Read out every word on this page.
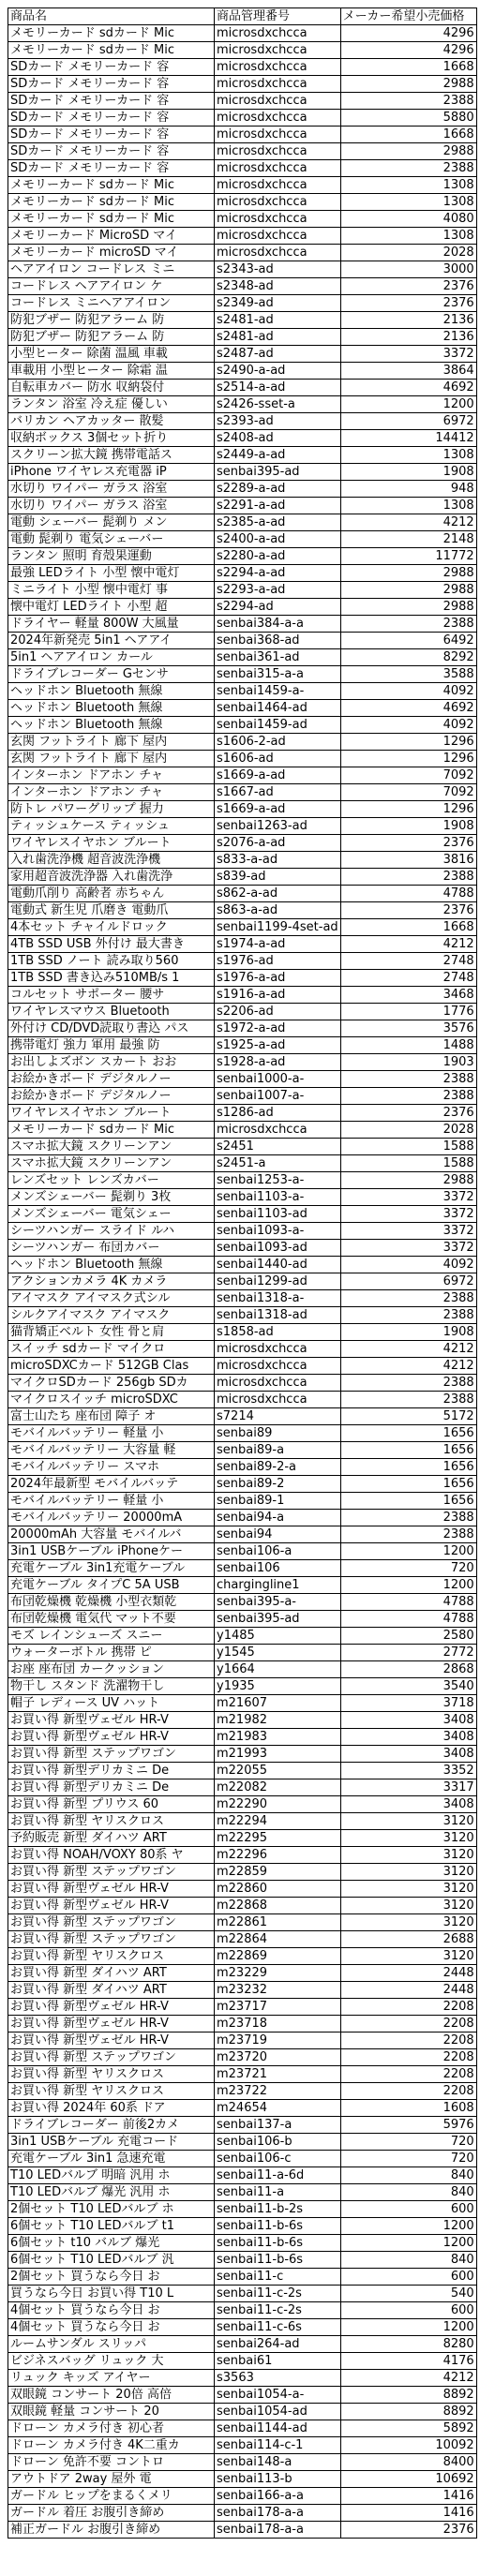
商品名	商品管理番号	メーカー希望小売価格
メモリーカード sdカード Mic	microsdxchcca	4296
メモリーカード sdカード Mic	microsdxchcca	4296
SDカード メモリーカード 容	microsdxchcca	1668
SDカード メモリーカード 容	microsdxchcca	2988
SDカード メモリーカード 容	microsdxchcca	2388
SDカード メモリーカード 容	microsdxchcca	5880
SDカード メモリーカード 容	microsdxchcca	1668
SDカード メモリーカード 容	microsdxchcca	2988
SDカード メモリーカード 容	microsdxchcca	2388
メモリーカード sdカード Mic	microsdxchcca	1308
メモリーカード sdカード Mic	microsdxchcca	1308
メモリーカード sdカード Mic	microsdxchcca	4080
メモリーカード MicroSD マイ	microsdxchcca	1308
メモリーカード microSD マイ	microsdxchcca	2028
ヘアアイロン コードレス ミニ	s2343-ad	3000
コードレス ヘアアイロン ケ	s2348-ad	2376
コードレス ミニヘアアイロン	s2349-ad	2376
防犯ブザー 防犯アラーム 防	s2481-ad	2136
防犯ブザー 防犯アラーム 防	s2481-ad	2136
小型ヒーター 除菌 温風 車載	s2487-ad	3372
車載用 小型ヒーター 除霜 温	s2490-a-ad	3864
自転車カバー 防水 収納袋付	s2514-a-ad	4692
ランタン 浴室 冷え症 優しい	s2426-sset-a	1200
バリカン ヘアカッター 散髪	s2393-ad	6972
収納ボックス 3個セット折り	s2408-ad	14412
スクリーン拡大鏡 携帯電話ス	s2449-a-ad	1308
iPhone ワイヤレス充電器 iP	senbai395-ad	1908
水切り ワイパー ガラス 浴室	s2289-a-ad	948
水切り ワイパー ガラス 浴室	s2291-a-ad	1308
電動 シェーバー 髭剃り メン	s2385-a-ad	4212
電動 髭剃り 電気シェーバー	s2400-a-ad	2148
ランタン 照明 育殻果運動	s2280-a-ad	11772
最強 LEDライト 小型 懐中電灯	s2294-a-ad	2988
ミニライト 小型 懐中電灯 事	s2293-a-ad	2988
懐中電灯 LEDライト 小型 超	s2294-ad	2988
ドライヤー 軽量 800W 大風量	senbai384-a-a	2388
2024年新発売 5in1 ヘアアイ	senbai368-ad	6492
5in1 ヘアアイロン カール	senbai361-ad	8292
ドライブレコーダー Gセンサ	senbai315-a-a	3588
ヘッドホン Bluetooth 無線	senbai1459-a-	4092
ヘッドホン Bluetooth 無線	senbai1464-ad	4692
ヘッドホン Bluetooth 無線	senbai1459-ad	4092
玄関 フットライト 廊下 屋内	s1606-2-ad	1296
玄関 フットライト 廊下 屋内	s1606-ad	1296
インターホン ドアホン チャ	s1669-a-ad	7092
インターホン ドアホン チャ	s1667-ad	7092
防トレ パワーグリップ 握力	s1669-a-ad	1296
ティッシュケース ティッシュ	senbai1263-ad	1908
ワイヤレスイヤホン ブルート	s2076-a-ad	2376
入れ歯洗浄機 超音波洗浄機	s833-a-ad	3816
家用超音波洗浄器 入れ歯洗浄	s839-ad	2388
電動爪削り 高齢者 赤ちゃん	s862-a-ad	4788
電動式 新生児 爪磨き 電動爪	s863-a-ad	2376
4本セット チャイルドロック	senbai1199-4set-ad	1668
4TB SSD USB 外付け 最大書き	s1974-a-ad	4212
1TB SSD ノート 読み取り560	s1976-ad	2748
1TB SSD 書き込み510MB/s 1	s1976-a-ad	2748
コルセット サポーター 腰サ	s1916-a-ad	3468
ワイヤレスマウス Bluetooth	s2206-ad	1776
外付け CD/DVD読取り書込 パス	s1972-a-ad	3576
携帯電灯 強力 軍用 最強 防	s1925-a-ad	1488
お出しよズボン スカート おお	s1928-a-ad	1903
お絵かきボード デジタルノー	senbai1000-a-	2388
お絵かきボード デジタルノー	senbai1007-a-	2388
ワイヤレスイヤホン ブルート	s1286-ad	2376
メモリーカード sdカード Mic	microsdxchcca	2028
スマホ拡大鏡 スクリーンアン	s2451	1588
スマホ拡大鏡 スクリーンアン	s2451-a	1588
レンズセット レンズカバー	senbai1253-a-	2988
メンズシェーバー 髭剃り 3枚	senbai1103-a-	3372
メンズシェーバー 電気シェー	senbai1103-ad	3372
シーツハンガー スライド ルハ	senbai1093-a-	3372
シーツハンガー 布団カバー	senbai1093-ad	3372
ヘッドホン Bluetooth 無線	senbai1440-ad	4092
アクションカメラ 4K カメラ	senbai1299-ad	6972
アイマスク アイマスク式シル	senbai1318-a-	2388
シルクアイマスク アイマスク	senbai1318-ad	2388
猫背矯正ベルト 女性 骨と肩	s1858-ad	1908
スイッチ sdカード マイクロ	microsdxchcca	4212
microSDXCカード 512GB Clas	microsdxchcca	4212
マイクロSDカード 256gb SDカ	microsdxchcca	2388
マイクロスイッチ microSDXC	microsdxchcca	2388
富士山たち 座布団 障子 オ	s7214	5172
モバイルバッテリー 軽量 小	senbai89	1656
モバイルバッテリー 大容量 軽	senbai89-a	1656
モバイルバッテリー スマホ	senbai89-2-a	1656
2024年最新型 モバイルバッテ	senbai89-2	1656
モバイルバッテリー 軽量 小	senbai89-1	1656
モバイルバッテリー 20000mA	senbai94-a	2388
20000mAh 大容量 モバイルバ	senbai94	2388
3in1 USBケーブル iPhoneケー	senbai106-a	1200
充電ケーブル 3in1充電ケーブル	senbai106	720
充電ケーブル タイプC 5A USB	chargingline1	1200
布団乾燥機 乾燥機 小型衣類乾	senbai395-a-	4788
布団乾燥機 電気代 マット不要	senbai395-ad	4788
モズ レインシューズ スニー	y1485	2580
ウォーターボトル 携帯 ピ	y1545	2772
お座 座布団 カークッション	y1664	2868
物干し スタンド 洗濯物干し	y1935	3540
帽子 レディース UV ハット	m21607	3718
お買い得 新型ヴェゼル HR-V	m21982	3408
お買い得 新型ヴェゼル HR-V	m21983	3408
お買い得 新型 ステップワゴン	m21993	3408
お買い得 新型デリカミニ De	m22055	3352
お買い得 新型デリカミニ De	m22082	3317
お買い得 新型 プリウス 60	m22290	3408
お買い得 新型 ヤリスクロス	m22294	3120
予約販売 新型 ダイハツ ART	m22295	3120
お買い得 NOAH/VOXY 80系 ヤ	m22296	3120
お買い得 新型 ステップワゴン	m22859	3120
お買い得 新型ヴェゼル HR-V	m22860	3120
お買い得 新型ヴェゼル HR-V	m22868	3120
お買い得 新型 ステップワゴン	m22861	3120
お買い得 新型 ステップワゴン	m22864	2688
お買い得 新型 ヤリスクロス	m22869	3120
お買い得 新型 ダイハツ ART	m23229	2448
お買い得 新型 ダイハツ ART	m23232	2448
お買い得 新型ヴェゼル HR-V	m23717	2208
お買い得 新型ヴェゼル HR-V	m23718	2208
お買い得 新型ヴェゼル HR-V	m23719	2208
お買い得 新型 ステップワゴン	m23720	2208
お買い得 新型 ヤリスクロス	m23721	2208
お買い得 新型 ヤリスクロス	m23722	2208
お買い得 2024年 60系 ドア	m24654	1608
ドライブレコーダー 前後2カメ	senbai137-a	5976
3in1 USBケーブル 充電コード	senbai106-b	720
充電ケーブル 3in1 急速充電	senbai106-c	720
T10 LEDバルブ 明暗 汎用 ホ	senbai11-a-6d	840
T10 LEDバルブ 爆光 汎用 ホ	senbai11-a	840
2個セット T10 LEDバルブ ホ	senbai11-b-2s	600
6個セット T10 LEDバルブ t1	senbai11-b-6s	1200
6個セット t10 バルブ 爆光	senbai11-b-6s	1200
6個セット T10 LEDバルブ 汎	senbai11-b-6s	840
2個セット 買うなら今日 お	senbai11-c	600
買うなら今日 お買い得 T10 L	senbai11-c-2s	540
4個セット 買うなら今日 お	senbai11-c-2s	600
4個セット 買うなら今日 お	senbai11-c-6s	1200
ルームサンダル スリッパ	senbai264-ad	8280
ビジネスバッグ リュック 大	senbai61	4176
リュック キッズ アイヤー	s3563	4212
双眼鏡 コンサート 20倍 高倍	senbai1054-a-	8892
双眼鏡 軽量 コンサート 20	senbai1054-ad	8892
ドローン カメラ付き 初心者	senbai1144-ad	5892
ドローン カメラ付き 4K二重カ	senbai114-c-1	10092
ドローン 免許不要 コントロ	senbai148-a	8400
アウトドア 2way 屋外 電	senbai113-b	10692
ガードル ヒップをまるくメリ	senbai166-a-a	1416
ガードル 着圧 お腹引き締め	senbai178-a-a	1416
補正ガードル お腹引き締め	senbai178-a-a	2376
